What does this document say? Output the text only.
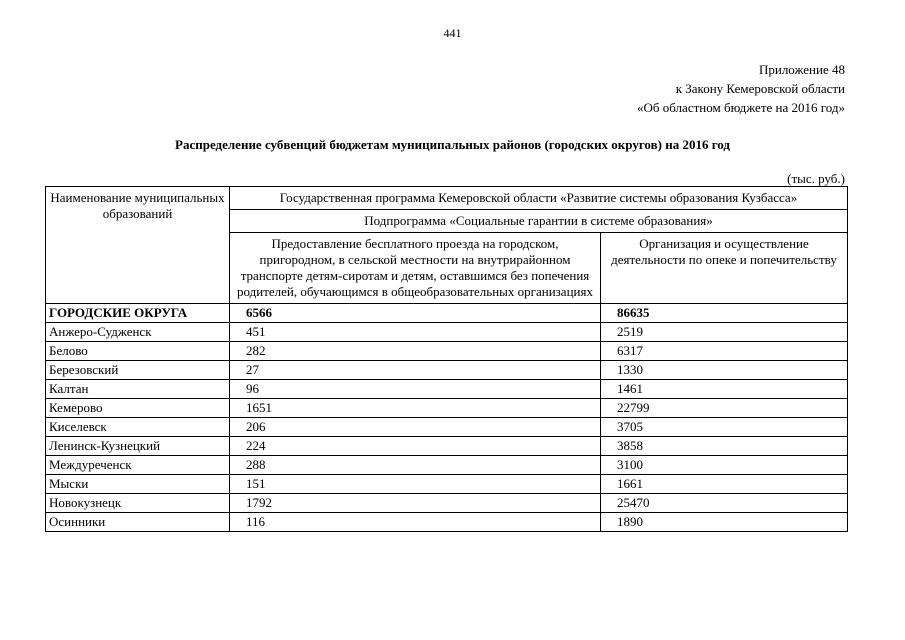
441
Приложение 48
к Закону Кемеровской области
«Об областном бюджете на 2016 год»
Распределение субвенций бюджетам муниципальных районов (городских округов) на 2016 год
(тыс. руб.)
Наименование муниципальных образований	Государственная программа Кемеровской области «Развитие системы образования Кузбасса»	
	Подпрограмма «Социальные гарантии в системе образования»	
	Предоставление бесплатного проезда на городском, пригородном, в сельской местности на внутрирайонном транспорте детям-сиротам и детям, оставшимся без попечения родителей, обучающимся в общеобразовательных организациях	Организация и осуществление деятельности по опеке и попечительству
ГОРОДСКИЕ ОКРУГА	6566	86635
Анжеро-Судженск	451	2519
Белово	282	6317
Березовский	27	1330
Калтан	96	1461
Кемерово	1651	22799
Киселевск	206	3705
Ленинск-Кузнецкий	224	3858
Междуреченск	288	3100
Мыски	151	1661
Новокузнецк	1792	25470
Осинники	116	1890
